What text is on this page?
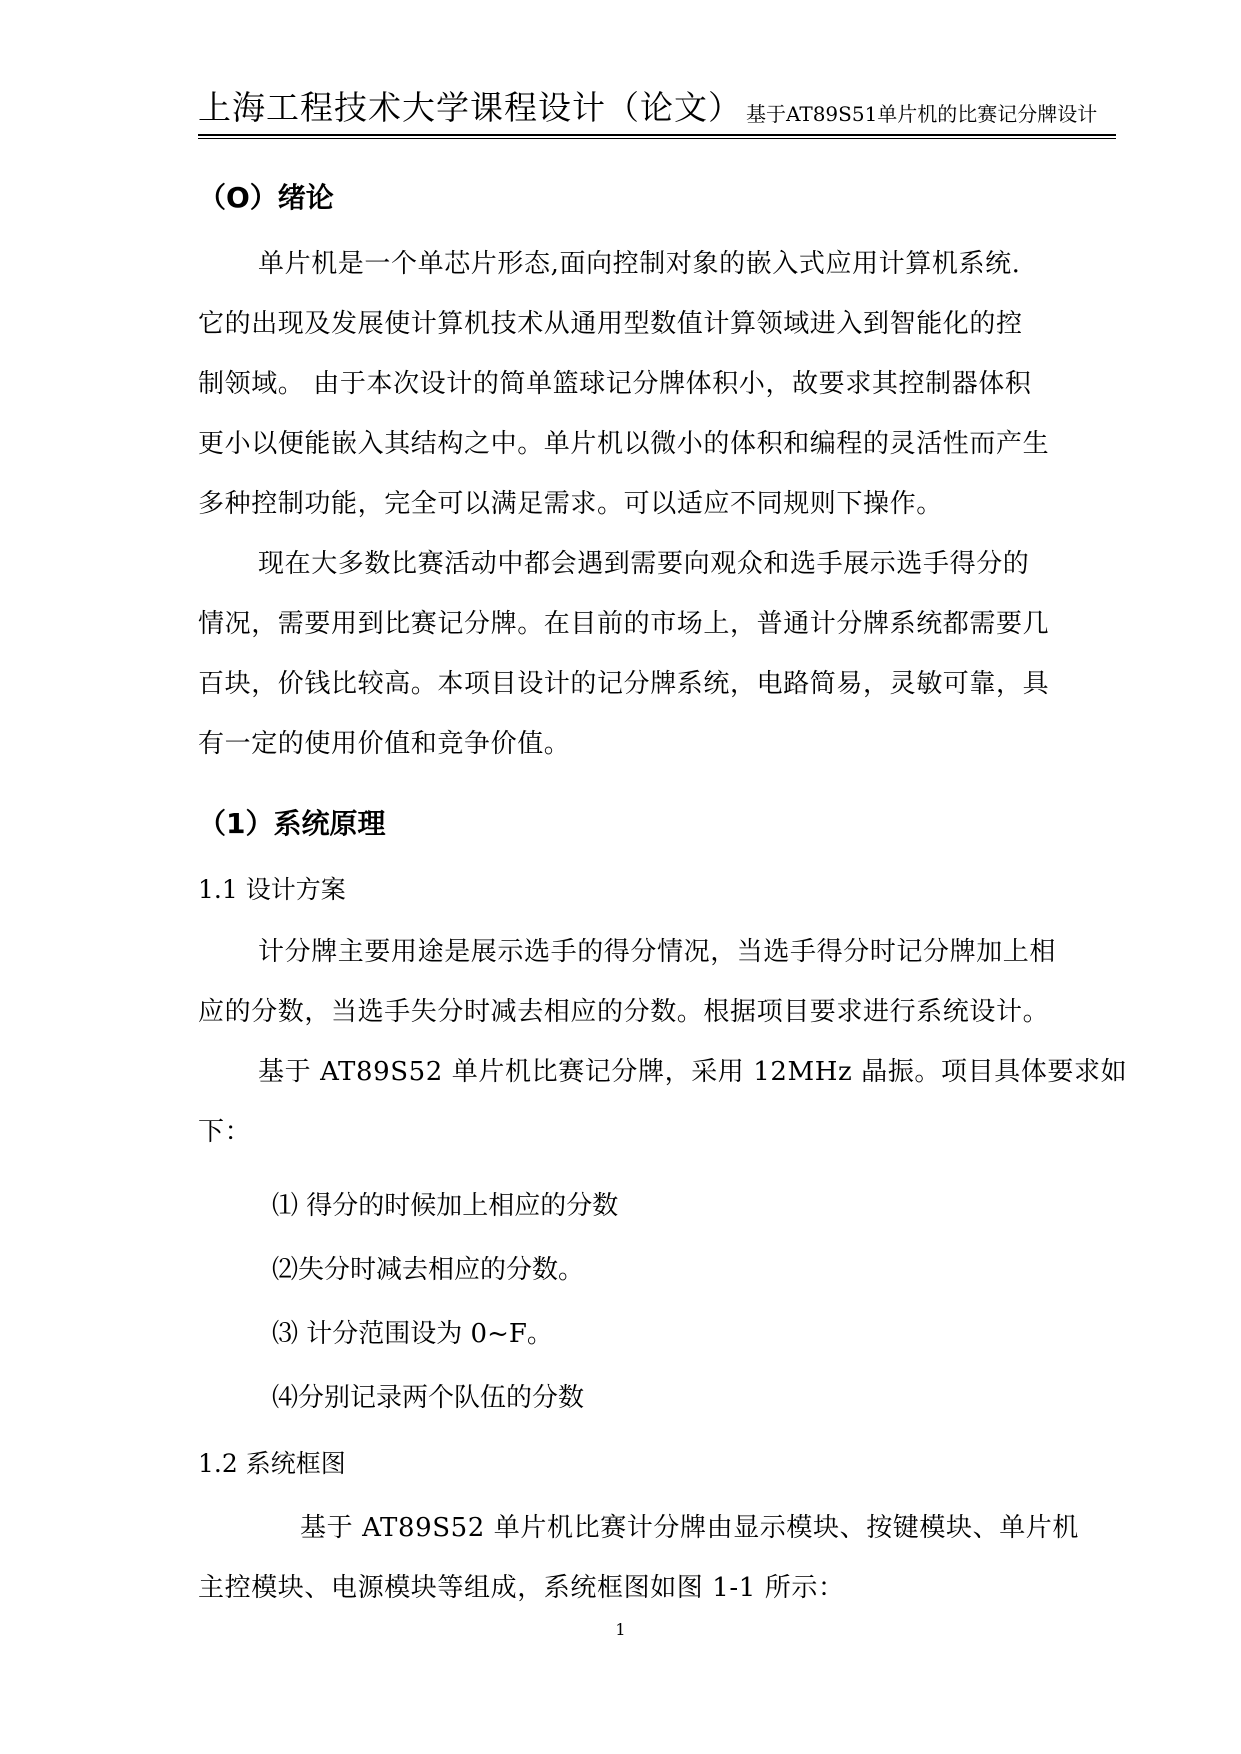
上海工程技术大学课程设计（论文） 基于AT89S51单片机的比赛记分牌设计
（O）绪论
单片机是一个单芯片形态,面向控制对象的嵌入式应用计算机系统.
它的出现及发展使计算机技术从通用型数值计算领域进入到智能化的控
制领域。 由于本次设计的简单篮球记分牌体积小，故要求其控制器体积
更小以便能嵌入其结构之中。单片机以微小的体积和编程的灵活性而产生
多种控制功能，完全可以满足需求。可以适应不同规则下操作。
现在大多数比赛活动中都会遇到需要向观众和选手展示选手得分的
情况，需要用到比赛记分牌。在目前的市场上，普通计分牌系统都需要几
百块，价钱比较高。本项目设计的记分牌系统，电路简易，灵敏可靠，具
有一定的使用价值和竞争价值。
（1）系统原理
1.1 设计方案
计分牌主要用途是展示选手的得分情况，当选手得分时记分牌加上相
应的分数，当选手失分时减去相应的分数。根据项目要求进行系统设计。
基于 AT89S52 单片机比赛记分牌，采用 12MHz 晶振。项目具体要求如
下：
⑴ 得分的时候加上相应的分数
⑵失分时减去相应的分数。
⑶ 计分范围设为 0~F。
⑷分别记录两个队伍的分数
1.2 系统框图
基于 AT89S52 单片机比赛计分牌由显示模块、按键模块、单片机
主控模块、电源模块等组成，系统框图如图 1-1 所示：
1
